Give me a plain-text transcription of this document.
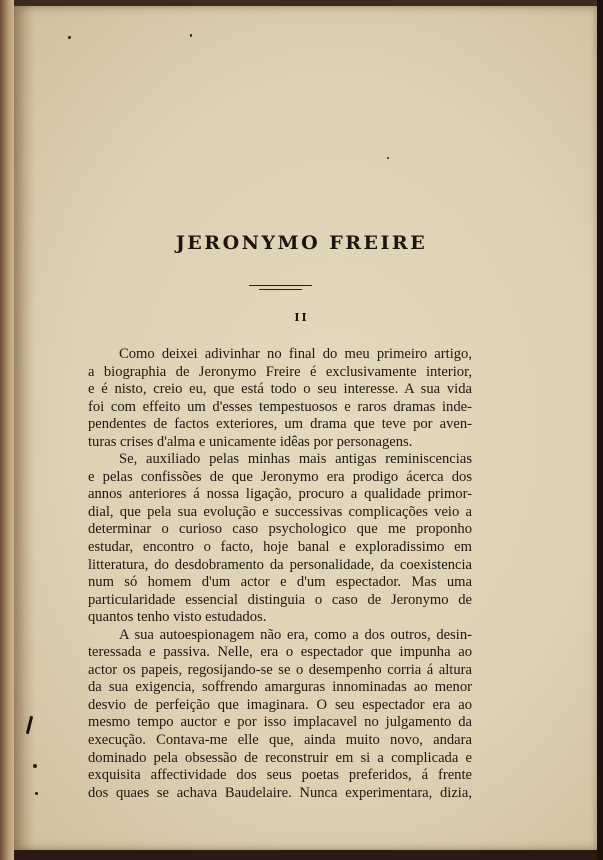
JERONYMO FREIRE
II
Como deixei adivinhar no final do meu primeiro artigo,
a biographia de Jeronymo Freire é exclusivamente interior,
e é nisto, creio eu, que está todo o seu interesse. A sua vida
foi com effeito um d'esses tempestuosos e raros dramas inde-
pendentes de factos exteriores, um drama que teve por aven-
turas crises d'alma e unicamente idêas por personagens.
Se, auxiliado pelas minhas mais antigas reminiscencias
e pelas confissões de que Jeronymo era prodigo ácerca dos
annos anteriores á nossa ligação, procuro a qualidade primor-
dial, que pela sua evolução e successivas complicações veio a
determinar o curioso caso psychologico que me proponho
estudar, encontro o facto, hoje banal e exploradissimo em
litteratura, do desdobramento da personalidade, da coexistencia
num só homem d'um actor e d'um espectador. Mas uma
particularidade essencial distinguia o caso de Jeronymo de
quantos tenho visto estudados.
A sua autoespionagem não era, como a dos outros, desin-
teressada e passiva. Nelle, era o espectador que impunha ao
actor os papeis, regosijando-se se o desempenho corria á altura
da sua exigencia, soffrendo amarguras innominadas ao menor
desvio de perfeição que imaginara. O seu espectador era ao
mesmo tempo auctor e por isso implacavel no julgamento da
execução. Contava-me elle que, ainda muito novo, andara
dominado pela obsessão de reconstruir em si a complicada e
exquisita affectividade dos seus poetas preferidos, á frente
dos quaes se achava Baudelaire. Nunca experimentara, dizia,
